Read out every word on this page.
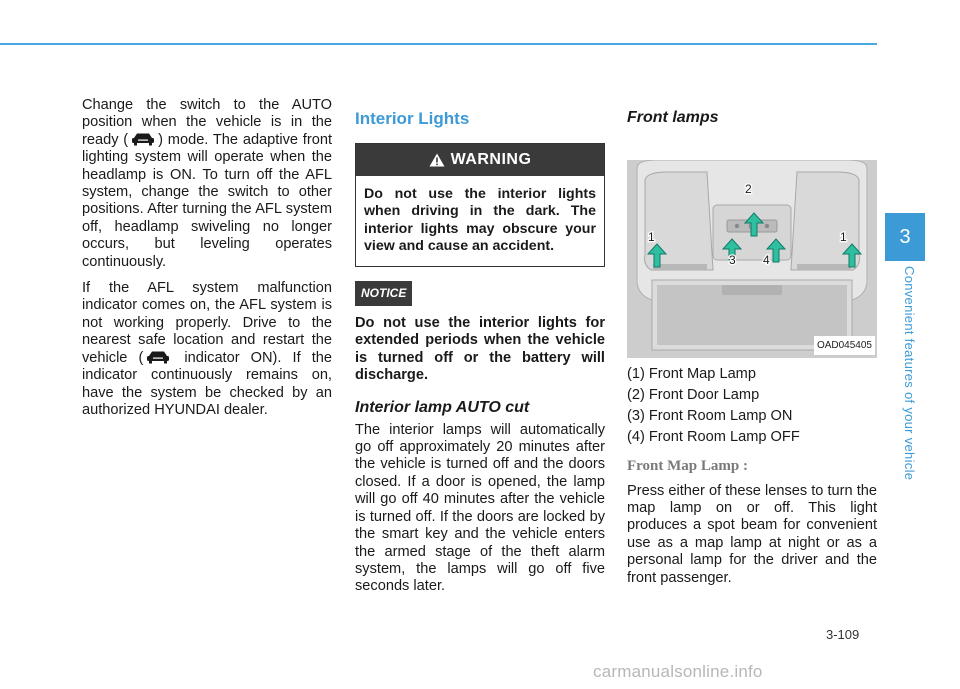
Change the switch to the AUTO position when the vehicle is in the ready ( ) mode. The adaptive front lighting system will operate when the headlamp is ON. To turn off the AFL system, change the switch to other positions. After turning the AFL system off, headlamp swiveling no longer occurs, but leveling operates continuously.

If the AFL system malfunction indicator comes on, the AFL system is not working properly. Drive to the nearest safe location and restart the vehicle ( indicator ON). If the indicator continuously remains on, have the system be checked by an authorized HYUNDAI dealer.

Interior Lights
WARNING
Do not use the interior lights when driving in the dark. The interior lights may obscure your view and cause an accident.
NOTICE

Do not use the interior lights for extended periods when the vehicle is turned off or the battery will discharge.

Interior lamp AUTO cut

The interior lamps will automatically go off approximately 20 minutes after the vehicle is turned off and the doors closed. If a door is opened, the lamp will go off 40 minutes after the vehicle is turned off. If the doors are locked by the smart key and the vehicle enters the armed stage of the theft alarm system, the lamps will go off five seconds later.

Front lamps
1
2
3 4
1
OAD045405

(1) Front Map Lamp

(2) Front Door Lamp

(3) Front Room Lamp ON

(4) Front Room Lamp OFF

Front Map Lamp :

Press either of these lenses to turn the map lamp on or off. This light produces a spot beam for convenient use as a map lamp at night or as a personal lamp for the driver and the front passenger.

3
Convenient features of your vehicle
3-109
carmanualsonline.info
